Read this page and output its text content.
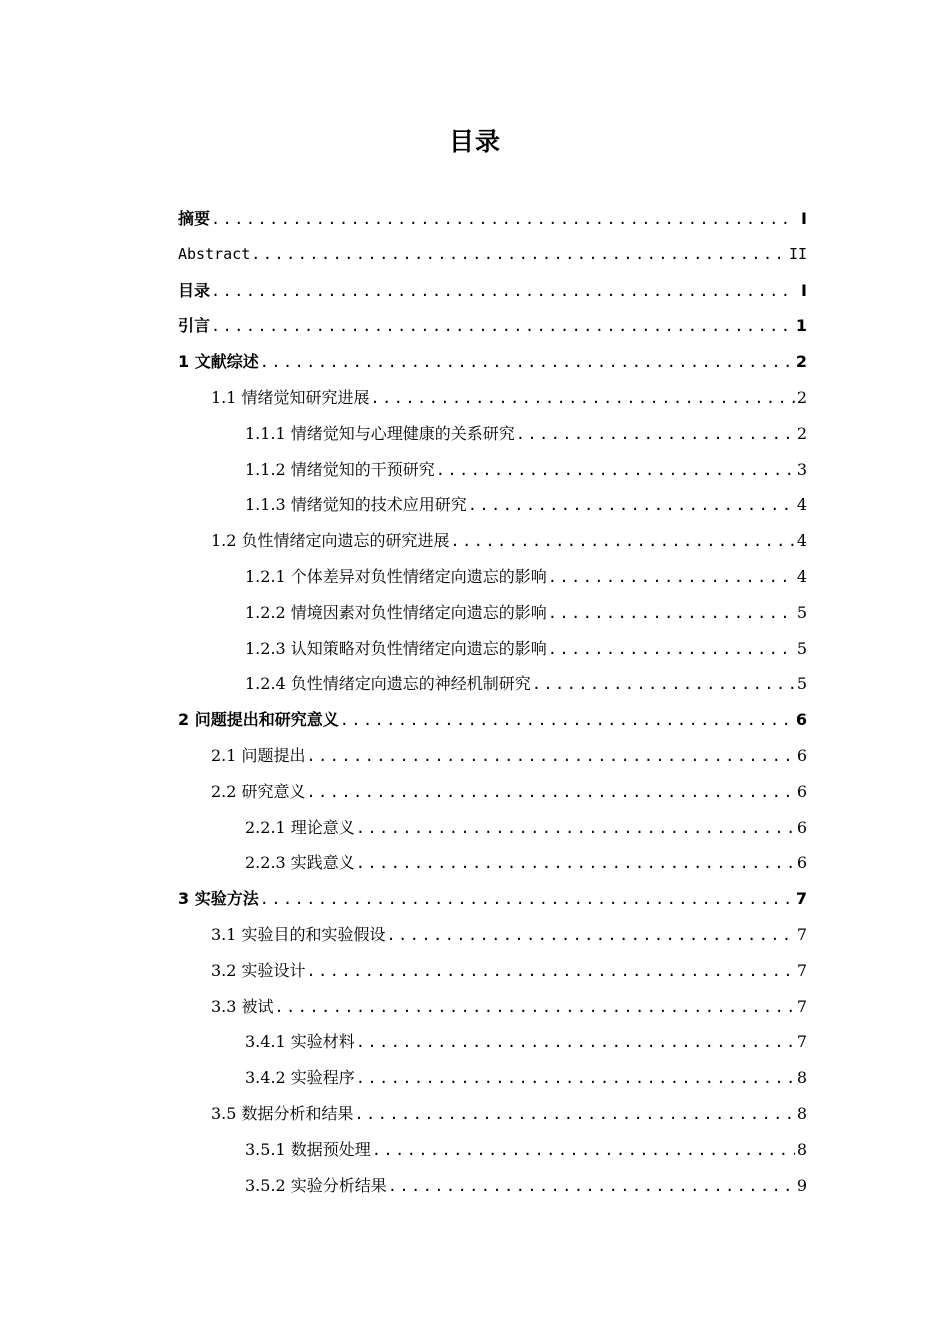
目录
摘要 .....	I
Abstract .....	II
目录 .....	I
引言 .....	1
1 文献综述 .....	2
1.1 情绪觉知研究进展 .....	2
1.1.1 情绪觉知与心理健康的关系研究 .....	2
1.1.2 情绪觉知的干预研究 .....	3
1.1.3 情绪觉知的技术应用研究 .....	4
1.2 负性情绪定向遗忘的研究进展 .....	4
1.2.1 个体差异对负性情绪定向遗忘的影响 .....	4
1.2.2 情境因素对负性情绪定向遗忘的影响 .....	5
1.2.3 认知策略对负性情绪定向遗忘的影响 .....	5
1.2.4 负性情绪定向遗忘的神经机制研究 .....	5
2 问题提出和研究意义 .....	6
2.1 问题提出 .....	6
2.2 研究意义 .....	6
2.2.1 理论意义 .....	6
2.2.3 实践意义 .....	6
3 实验方法 .....	7
3.1 实验目的和实验假设 .....	7
3.2 实验设计 .....	7
3.3 被试 .....	7
3.4.1 实验材料 .....	7
3.4.2 实验程序 .....	8
3.5 数据分析和结果 .....	8
3.5.1 数据预处理 .....	8
3.5.2 实验分析结果 .....	9
